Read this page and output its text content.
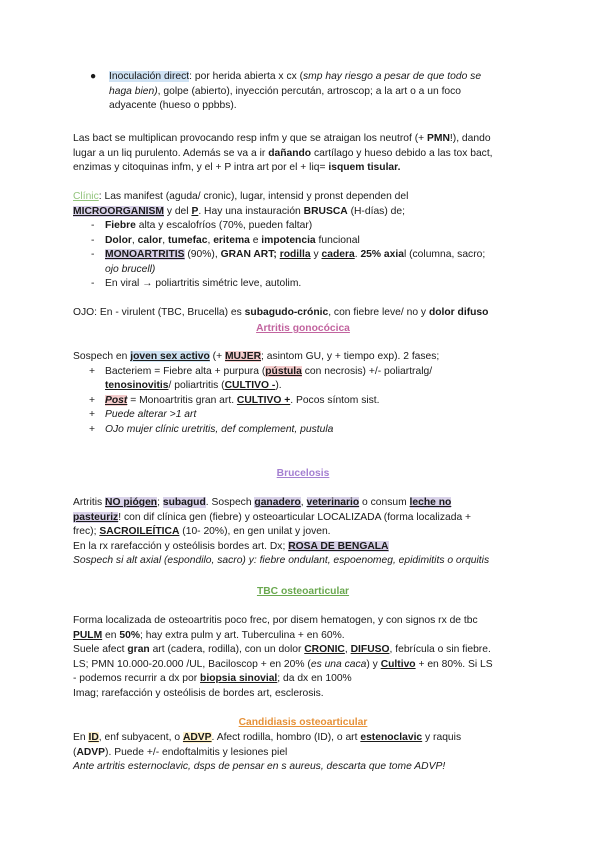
● Inoculación direct: por herida abierta x cx (smp hay riesgo a pesar de que todo se
haga bien), golpe (abierto), inyección percután, artroscop; a la art o a un foco
adyacente (hueso o ppbbs).
Las bact se multiplican provocando resp infm y que se atraigan los neutrof (+ PMN!), dando
lugar a un liq purulento. Además se va a ir dañando cartílago y hueso debido a las tox bact,
enzimas y citoquinas infm, y el + P intra art por el + liq= isquem tisular.
Clínic: Las manifest (aguda/ cronic), lugar, intensid y pronst dependen del
MICROORGANISM y del P. Hay una instauración BRUSCA (H-días) de;
- Fiebre alta y escalofríos (70%, pueden faltar)
- Dolor, calor, tumefac, eritema e impotencia funcional
- MONOARTRITIS (90%), GRAN ART; rodilla y cadera. 25% axial (columna, sacro;
ojo brucell)
- En viral → poliartritis simétric leve, autolim.
OJO: En - virulent (TBC, Brucella) es subagudo-crónic, con fiebre leve/ no y dolor difuso
Artritis gonocócica
Sospech en joven sex activo (+ MUJER; asintom GU, y + tiempo exp). 2 fases;
+ Bacteriem = Fiebre alta + purpura (pústula con necrosis) +/- poliartralg/
tenosinovitis/ poliartritis (CULTIVO -).
+ Post = Monoartritis gran art. CULTIVO +. Pocos síntom sist.
+ Puede alterar >1 art
+ OJo mujer clínic uretritis, def complement, pustula
Brucelosis
Artritis NO piógen; subagud. Sospech ganadero, veterinario o consum leche no
pasteuriz! con dif clínica gen (fiebre) y osteoarticular LOCALIZADA (forma localizada +
frec); SACROILEÍTICA (10- 20%), en gen unilat y joven.
En la rx rarefacción y osteólisis bordes art. Dx; ROSA DE BENGALA
Sospech si alt axial (espondilo, sacro) y: fiebre ondulant, espoenomeg, epidimitits o orquitis
TBC osteoarticular
Forma localizada de osteoartritis poco frec, por disem hematogen, y con signos rx de tbc
PULM en 50%; hay extra pulm y art. Tuberculina + en 60%.
Suele afect gran art (cadera, rodilla), con un dolor CRONIC, DIFUSO, febrícula o sin fiebre.
LS; PMN 10.000-20.000 /UL, Baciloscop + en 20% (es una caca) y Cultivo + en 80%. Si LS
- podemos recurrir a dx por biopsia sinovial; da dx en 100%
Imag; rarefacción y osteólisis de bordes art, esclerosis.
Candidiasis osteoarticular
En ID, enf subyacent, o ADVP. Afect rodilla, hombro (ID), o art estenoclavic y raquis
(ADVP). Puede +/- endoftalmitis y lesiones piel
Ante artritis esternoclavic, dsps de pensar en s aureus, descarta que tome ADVP!
